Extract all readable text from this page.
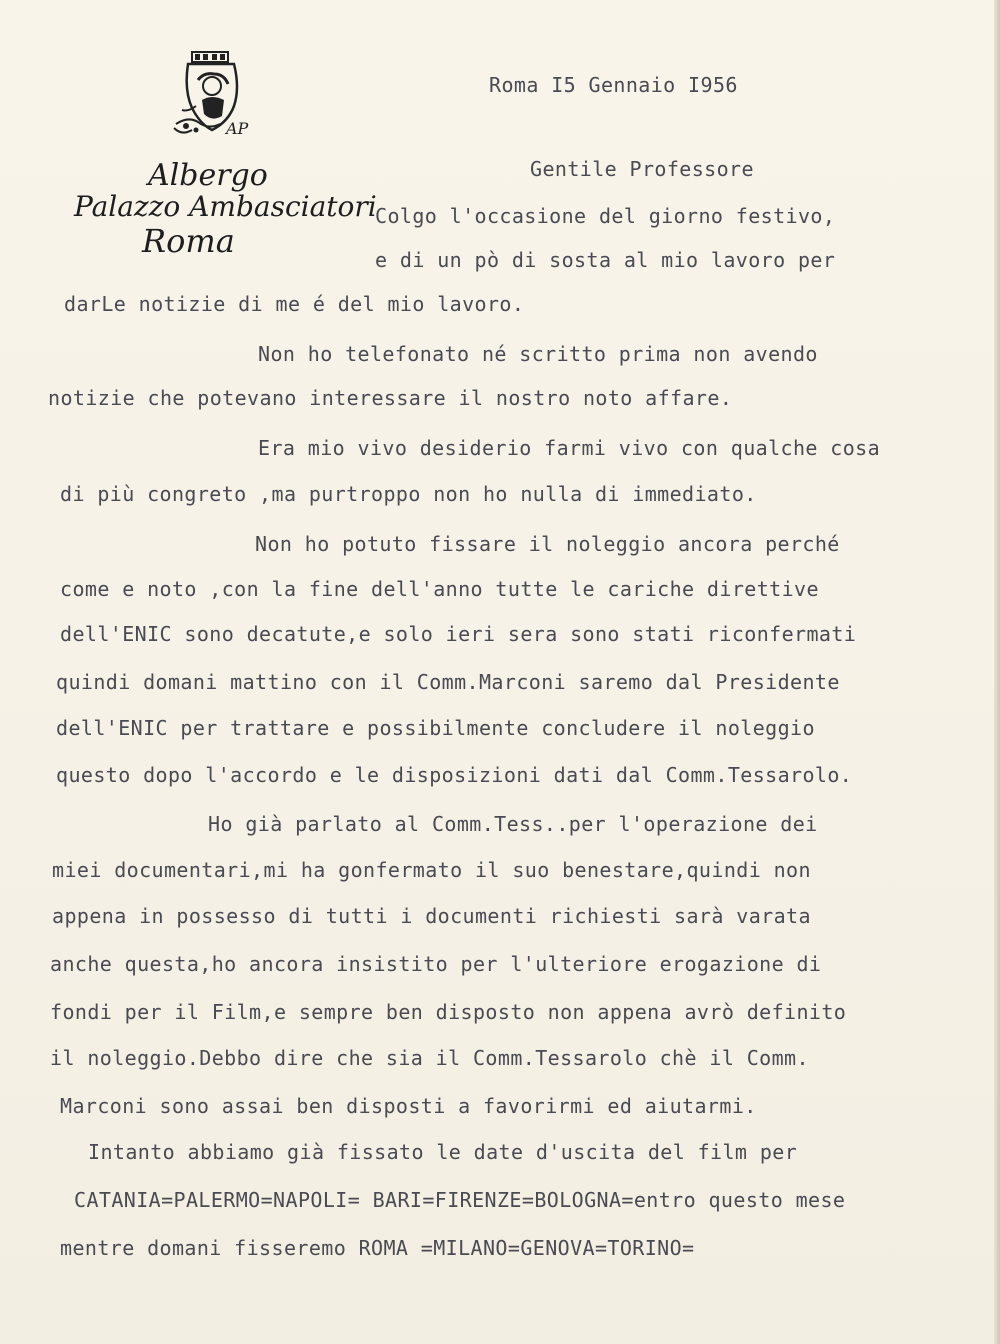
AP
Albergo
Palazzo Ambasciatori
Roma
Roma I5 Gennaio I956
Gentile Professore
Colgo l'occasione del giorno festivo,
e di un pò di sosta al mio lavoro per
darLe notizie di me é del mio lavoro.
Non ho telefonato né scritto prima non avendo
notizie che potevano interessare il nostro noto affare.
Era mio vivo desiderio farmi vivo con qualche cosa
di più congreto ,ma purtroppo non ho nulla di immediato.
Non ho potuto fissare il noleggio ancora perché
come e noto ,con la fine dell'anno tutte le cariche direttive
dell'ENIC sono decatute,e solo ieri sera sono stati riconfermati
quindi domani mattino con il Comm.Marconi saremo dal Presidente
dell'ENIC per trattare e possibilmente concludere il noleggio
questo dopo l'accordo e le disposizioni dati dal Comm.Tessarolo.
Ho già parlato al Comm.Tess..per l'operazione dei
miei documentari,mi ha gonfermato il suo benestare,quindi non
appena in possesso di tutti i documenti richiesti sarà varata
anche questa,ho ancora insistito per l'ulteriore erogazione di
fondi per il Film,e sempre ben disposto non appena avrò definito
il noleggio.Debbo dire che sia il Comm.Tessarolo chè il Comm.
Marconi sono assai ben disposti a favorirmi ed aiutarmi.
Intanto abbiamo già fissato le date d'uscita del film per
CATANIA=PALERMO=NAPOLI= BARI=FIRENZE=BOLOGNA=entro questo mese
mentre domani fisseremo ROMA =MILANO=GENOVA=TORINO=
